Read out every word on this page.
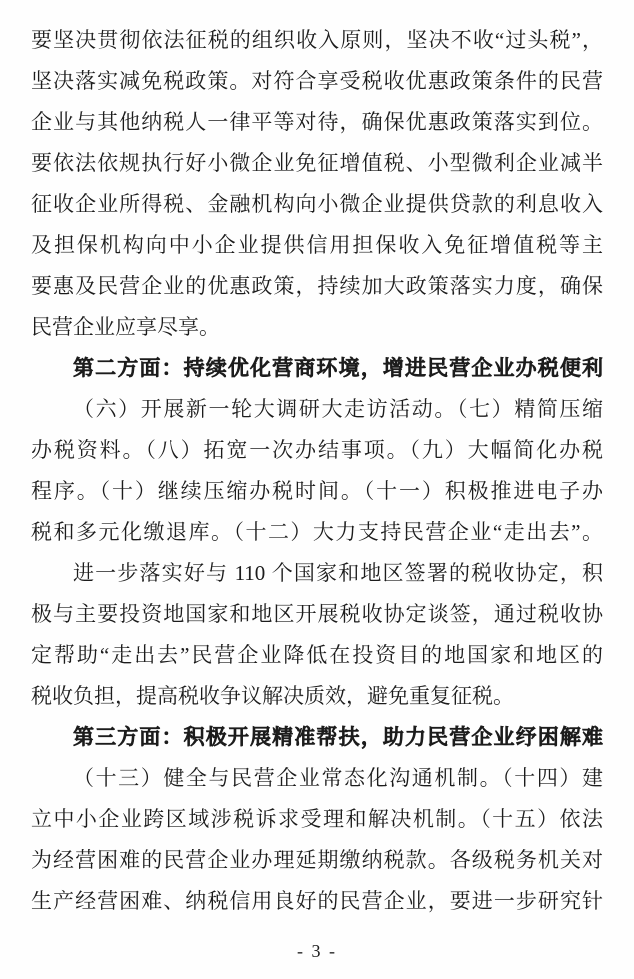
要坚决贯彻依法征税的组织收入原则，坚决不收“过头税”，
坚决落实减免税政策。对符合享受税收优惠政策条件的民营
企业与其他纳税人一律平等对待，确保优惠政策落实到位。
要依法依规执行好小微企业免征增值税、小型微利企业减半
征收企业所得税、金融机构向小微企业提供贷款的利息收入
及担保机构向中小企业提供信用担保收入免征增值税等主
要惠及民营企业的优惠政策，持续加大政策落实力度，确保
民营企业应享尽享。
第二方面：持续优化营商环境，增进民营企业办税便利
（六）开展新一轮大调研大走访活动。（七）精简压缩
办税资料。（八）拓宽一次办结事项。（九）大幅简化办税
程序。（十）继续压缩办税时间。（十一）积极推进电子办
税和多元化缴退库。（十二）大力支持民营企业“走出去”。
进一步落实好与 110 个国家和地区签署的税收协定，积
极与主要投资地国家和地区开展税收协定谈签，通过税收协
定帮助“走出去”民营企业降低在投资目的地国家和地区的
税收负担，提高税收争议解决质效，避免重复征税。
第三方面：积极开展精准帮扶，助力民营企业纾困解难
（十三）健全与民营企业常态化沟通机制。（十四）建
立中小企业跨区域涉税诉求受理和解决机制。（十五）依法
为经营困难的民营企业办理延期缴纳税款。各级税务机关对
生产经营困难、纳税信用良好的民营企业，要进一步研究针
- 3 -
